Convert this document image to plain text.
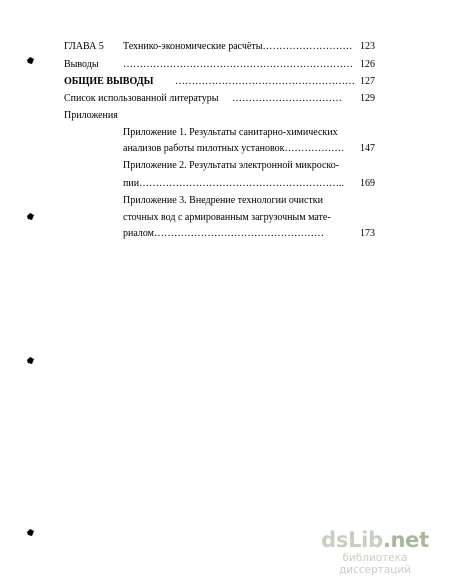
ГЛАВА 5 Технико-экономические расчёты……………………… 123
Выводы …………………………………………………………… 126
ОБЩИЕ ВЫВОДЫ ……………………………………………… 127
Список использованной литературы ……………………………	129
Приложения
Приложение 1. Результаты санитарно-химических
анализов работы пилотных установок………………	147
Приложение 2. Результаты электронной микроско-
пии……………………………………………………..	169
Приложение 3. Внедрение технологии очистки
сточных вод с армированным загрузочным мате-
риалом……………………………………………	173
dsLib.net
библиотека диссертаций
